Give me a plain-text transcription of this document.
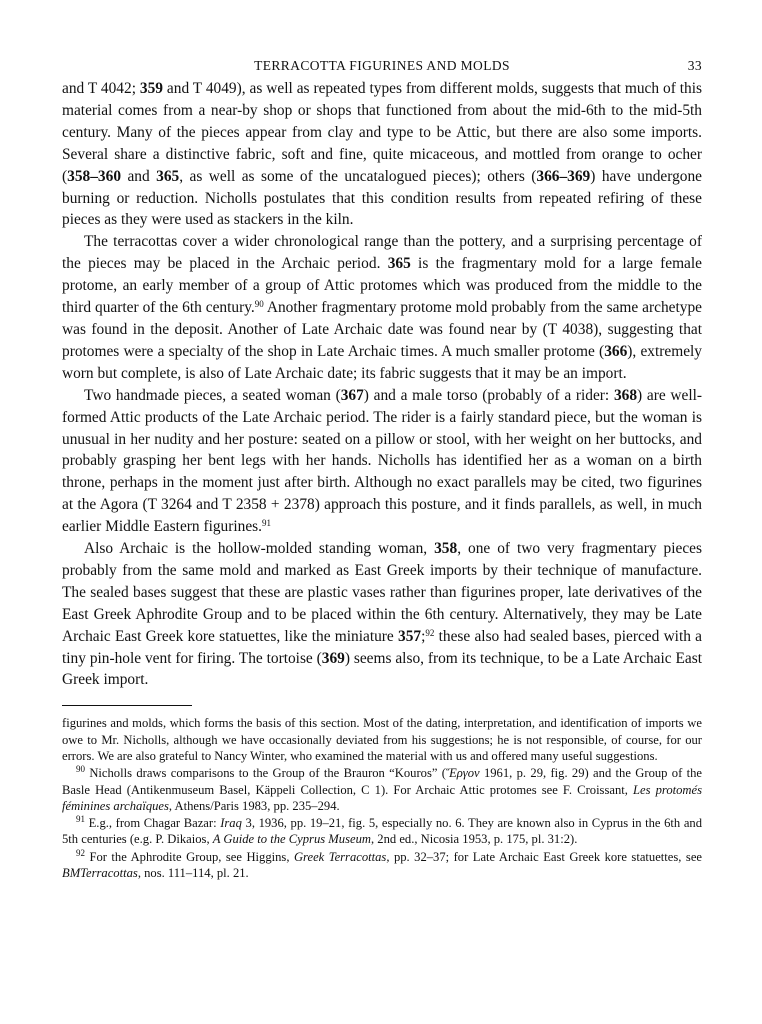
TERRACOTTA FIGURINES AND MOLDS	33

and T 4042; 359 and T 4049), as well as repeated types from different molds, suggests that much of this material comes from a near-by shop or shops that functioned from about the mid-6th to the mid-5th century. Many of the pieces appear from clay and type to be Attic, but there are also some imports. Several share a distinctive fabric, soft and fine, quite micaceous, and mottled from orange to ocher (358–360 and 365, as well as some of the uncatalogued pieces); others (366–369) have undergone burning or reduction. Nicholls postulates that this condition results from repeated refiring of these pieces as they were used as stackers in the kiln.

The terracottas cover a wider chronological range than the pottery, and a surprising percentage of the pieces may be placed in the Archaic period. 365 is the fragmentary mold for a large female protome, an early member of a group of Attic protomes which was produced from the middle to the third quarter of the 6th century.$^{90}$ Another fragmentary protome mold probably from the same archetype was found in the deposit. Another of Late Archaic date was found near by (T 4038), suggesting that protomes were a specialty of the shop in Late Archaic times. A much smaller protome (366), extremely worn but complete, is also of Late Archaic date; its fabric suggests that it may be an import.

Two handmade pieces, a seated woman (367) and a male torso (probably of a rider: 368) are well-formed Attic products of the Late Archaic period. The rider is a fairly standard piece, but the woman is unusual in her nudity and her posture: seated on a pillow or stool, with her weight on her buttocks, and probably grasping her bent legs with her hands. Nicholls has identified her as a woman on a birth throne, perhaps in the moment just after birth. Although no exact parallels may be cited, two figurines at the Agora (T 3264 and T 2358 + 2378) approach this posture, and it finds parallels, as well, in much earlier Middle Eastern figurines.$^{91}$

Also Archaic is the hollow-molded standing woman, 358, one of two very fragmentary pieces probably from the same mold and marked as East Greek imports by their technique of manufacture. The sealed bases suggest that these are plastic vases rather than figurines proper, late derivatives of the East Greek Aphrodite Group and to be placed within the 6th century. Alternatively, they may be Late Archaic East Greek kore statuettes, like the miniature 357;$^{92}$ these also had sealed bases, pierced with a tiny pin-hole vent for firing. The tortoise (369) seems also, from its technique, to be a Late Archaic East Greek import.

figurines and molds, which forms the basis of this section. Most of the dating, interpretation, and identification of imports we owe to Mr. Nicholls, although we have occasionally deviated from his suggestions; he is not responsible, of course, for our errors. We are also grateful to Nancy Winter, who examined the material with us and offered many useful suggestions.

$^{90}$ Nicholls draws comparisons to the Group of the Brauron “Kouros” (Ἕργον 1961, p. 29, fig. 29) and the Group of the Basle Head (Antikenmuseum Basel, Käppeli Collection, C 1). For Archaic Attic protomes see F. Croissant, Les protomés féminines archaïques, Athens/Paris 1983, pp. 235–294.

$^{91}$ E.g., from Chagar Bazar: Iraq 3, 1936, pp. 19–21, fig. 5, especially no. 6. They are known also in Cyprus in the 6th and 5th centuries (e.g. P. Dikaios, A Guide to the Cyprus Museum, 2nd ed., Nicosia 1953, p. 175, pl. 31:2).

$^{92}$ For the Aphrodite Group, see Higgins, Greek Terracottas, pp. 32–37; for Late Archaic East Greek kore statuettes, see BMTerracottas, nos. 111–114, pl. 21.
